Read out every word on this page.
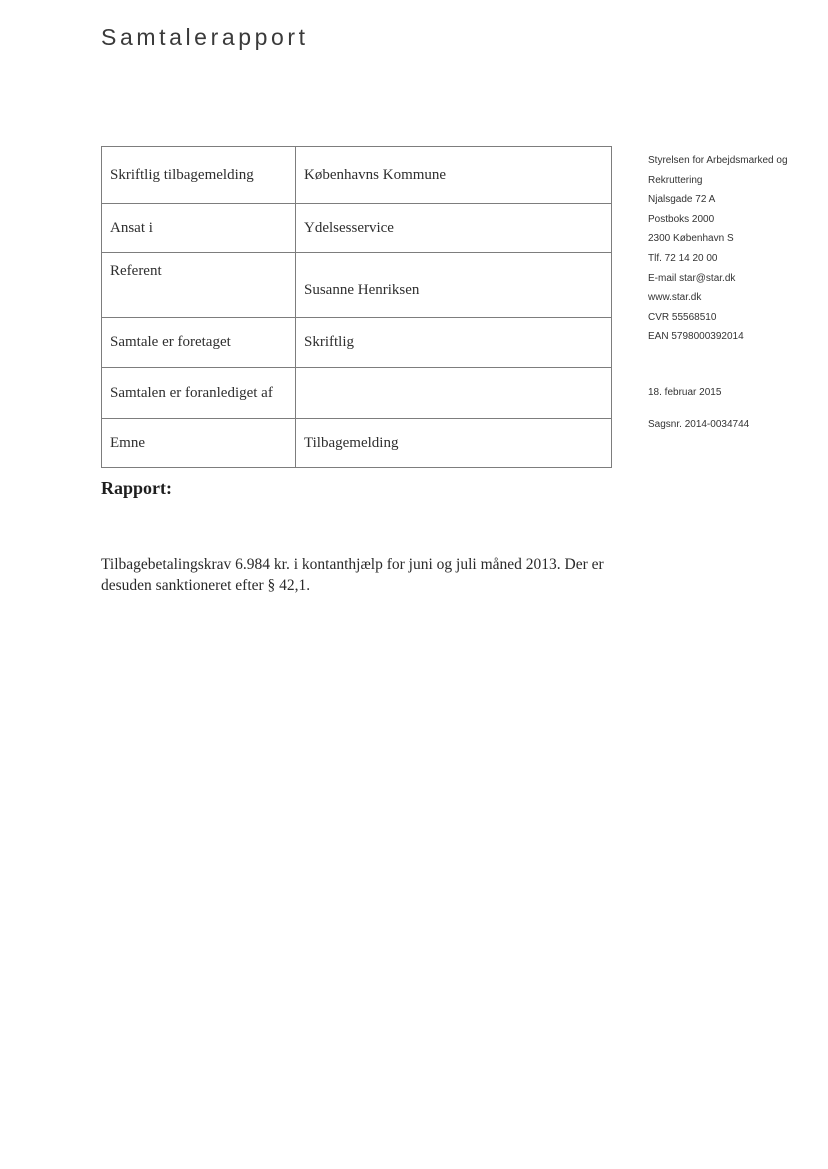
Samtalerapport
Skriftlig tilbagemelding	Københavns Kommune
Ansat i	Ydelsesservice
Referent	Susanne Henriksen
Samtale er foretaget	Skriftlig
Samtalen er foranlediget af	
Emne	Tilbagemelding
Styrelsen for Arbejdsmarked og
Rekruttering
Njalsgade 72 A
Postboks 2000
2300 København S
Tlf. 72 14 20 00
E-mail star@star.dk
www.star.dk
CVR 55568510
EAN 5798000392014
18. februar 2015
Sagsnr. 2014-0034744
Rapport:
Tilbagebetalingskrav 6.984 kr. i kontanthjælp for juni og juli måned 2013. Der er
desuden sanktioneret efter § 42,1.
